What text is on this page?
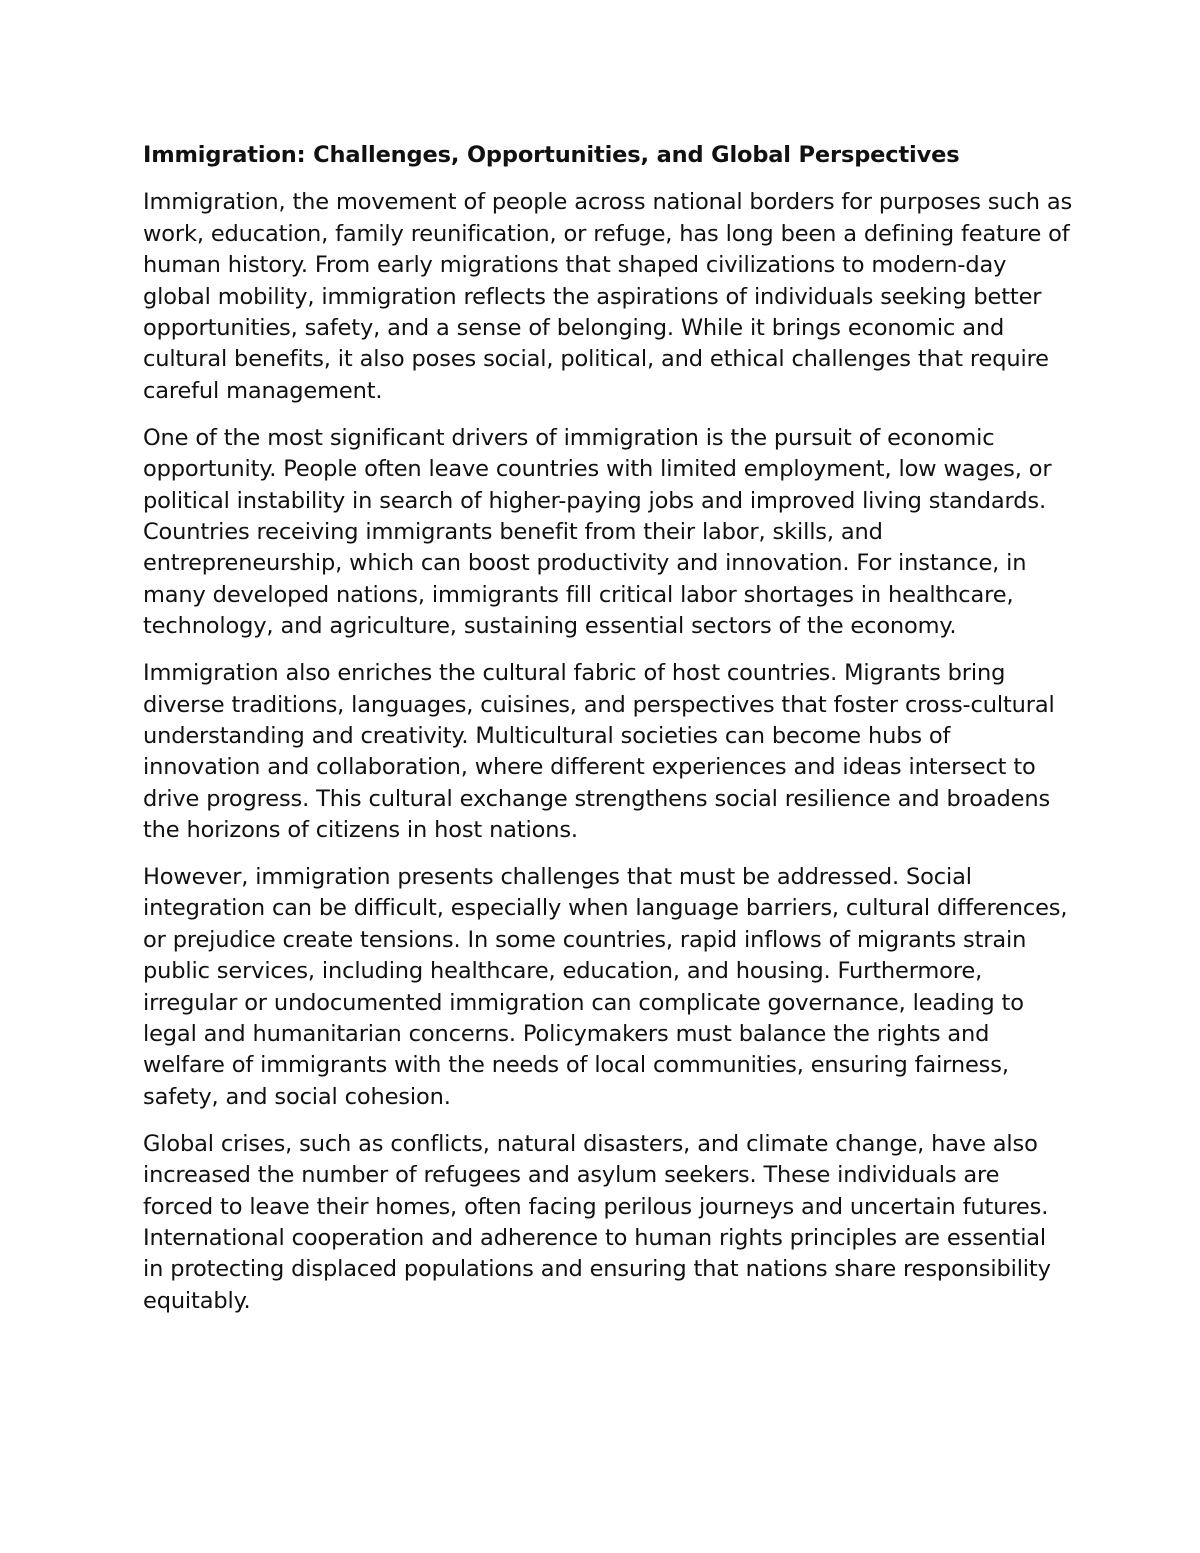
Immigration: Challenges, Opportunities, and Global Perspectives

Immigration, the movement of people across national borders for purposes such as work, education, family reunification, or refuge, has long been a defining feature of human history. From early migrations that shaped civilizations to modern-day global mobility, immigration reflects the aspirations of individuals seeking better opportunities, safety, and a sense of belonging. While it brings economic and cultural benefits, it also poses social, political, and ethical challenges that require careful management.

One of the most significant drivers of immigration is the pursuit of economic opportunity. People often leave countries with limited employment, low wages, or political instability in search of higher-paying jobs and improved living standards. Countries receiving immigrants benefit from their labor, skills, and entrepreneurship, which can boost productivity and innovation. For instance, in many developed nations, immigrants fill critical labor shortages in healthcare, technology, and agriculture, sustaining essential sectors of the economy.

Immigration also enriches the cultural fabric of host countries. Migrants bring diverse traditions, languages, cuisines, and perspectives that foster cross-cultural understanding and creativity. Multicultural societies can become hubs of innovation and collaboration, where different experiences and ideas intersect to drive progress. This cultural exchange strengthens social resilience and broadens the horizons of citizens in host nations.

However, immigration presents challenges that must be addressed. Social integration can be difficult, especially when language barriers, cultural differences, or prejudice create tensions. In some countries, rapid inflows of migrants strain public services, including healthcare, education, and housing. Furthermore, irregular or undocumented immigration can complicate governance, leading to legal and humanitarian concerns. Policymakers must balance the rights and welfare of immigrants with the needs of local communities, ensuring fairness, safety, and social cohesion.

Global crises, such as conflicts, natural disasters, and climate change, have also increased the number of refugees and asylum seekers. These individuals are forced to leave their homes, often facing perilous journeys and uncertain futures. International cooperation and adherence to human rights principles are essential in protecting displaced populations and ensuring that nations share responsibility equitably.
